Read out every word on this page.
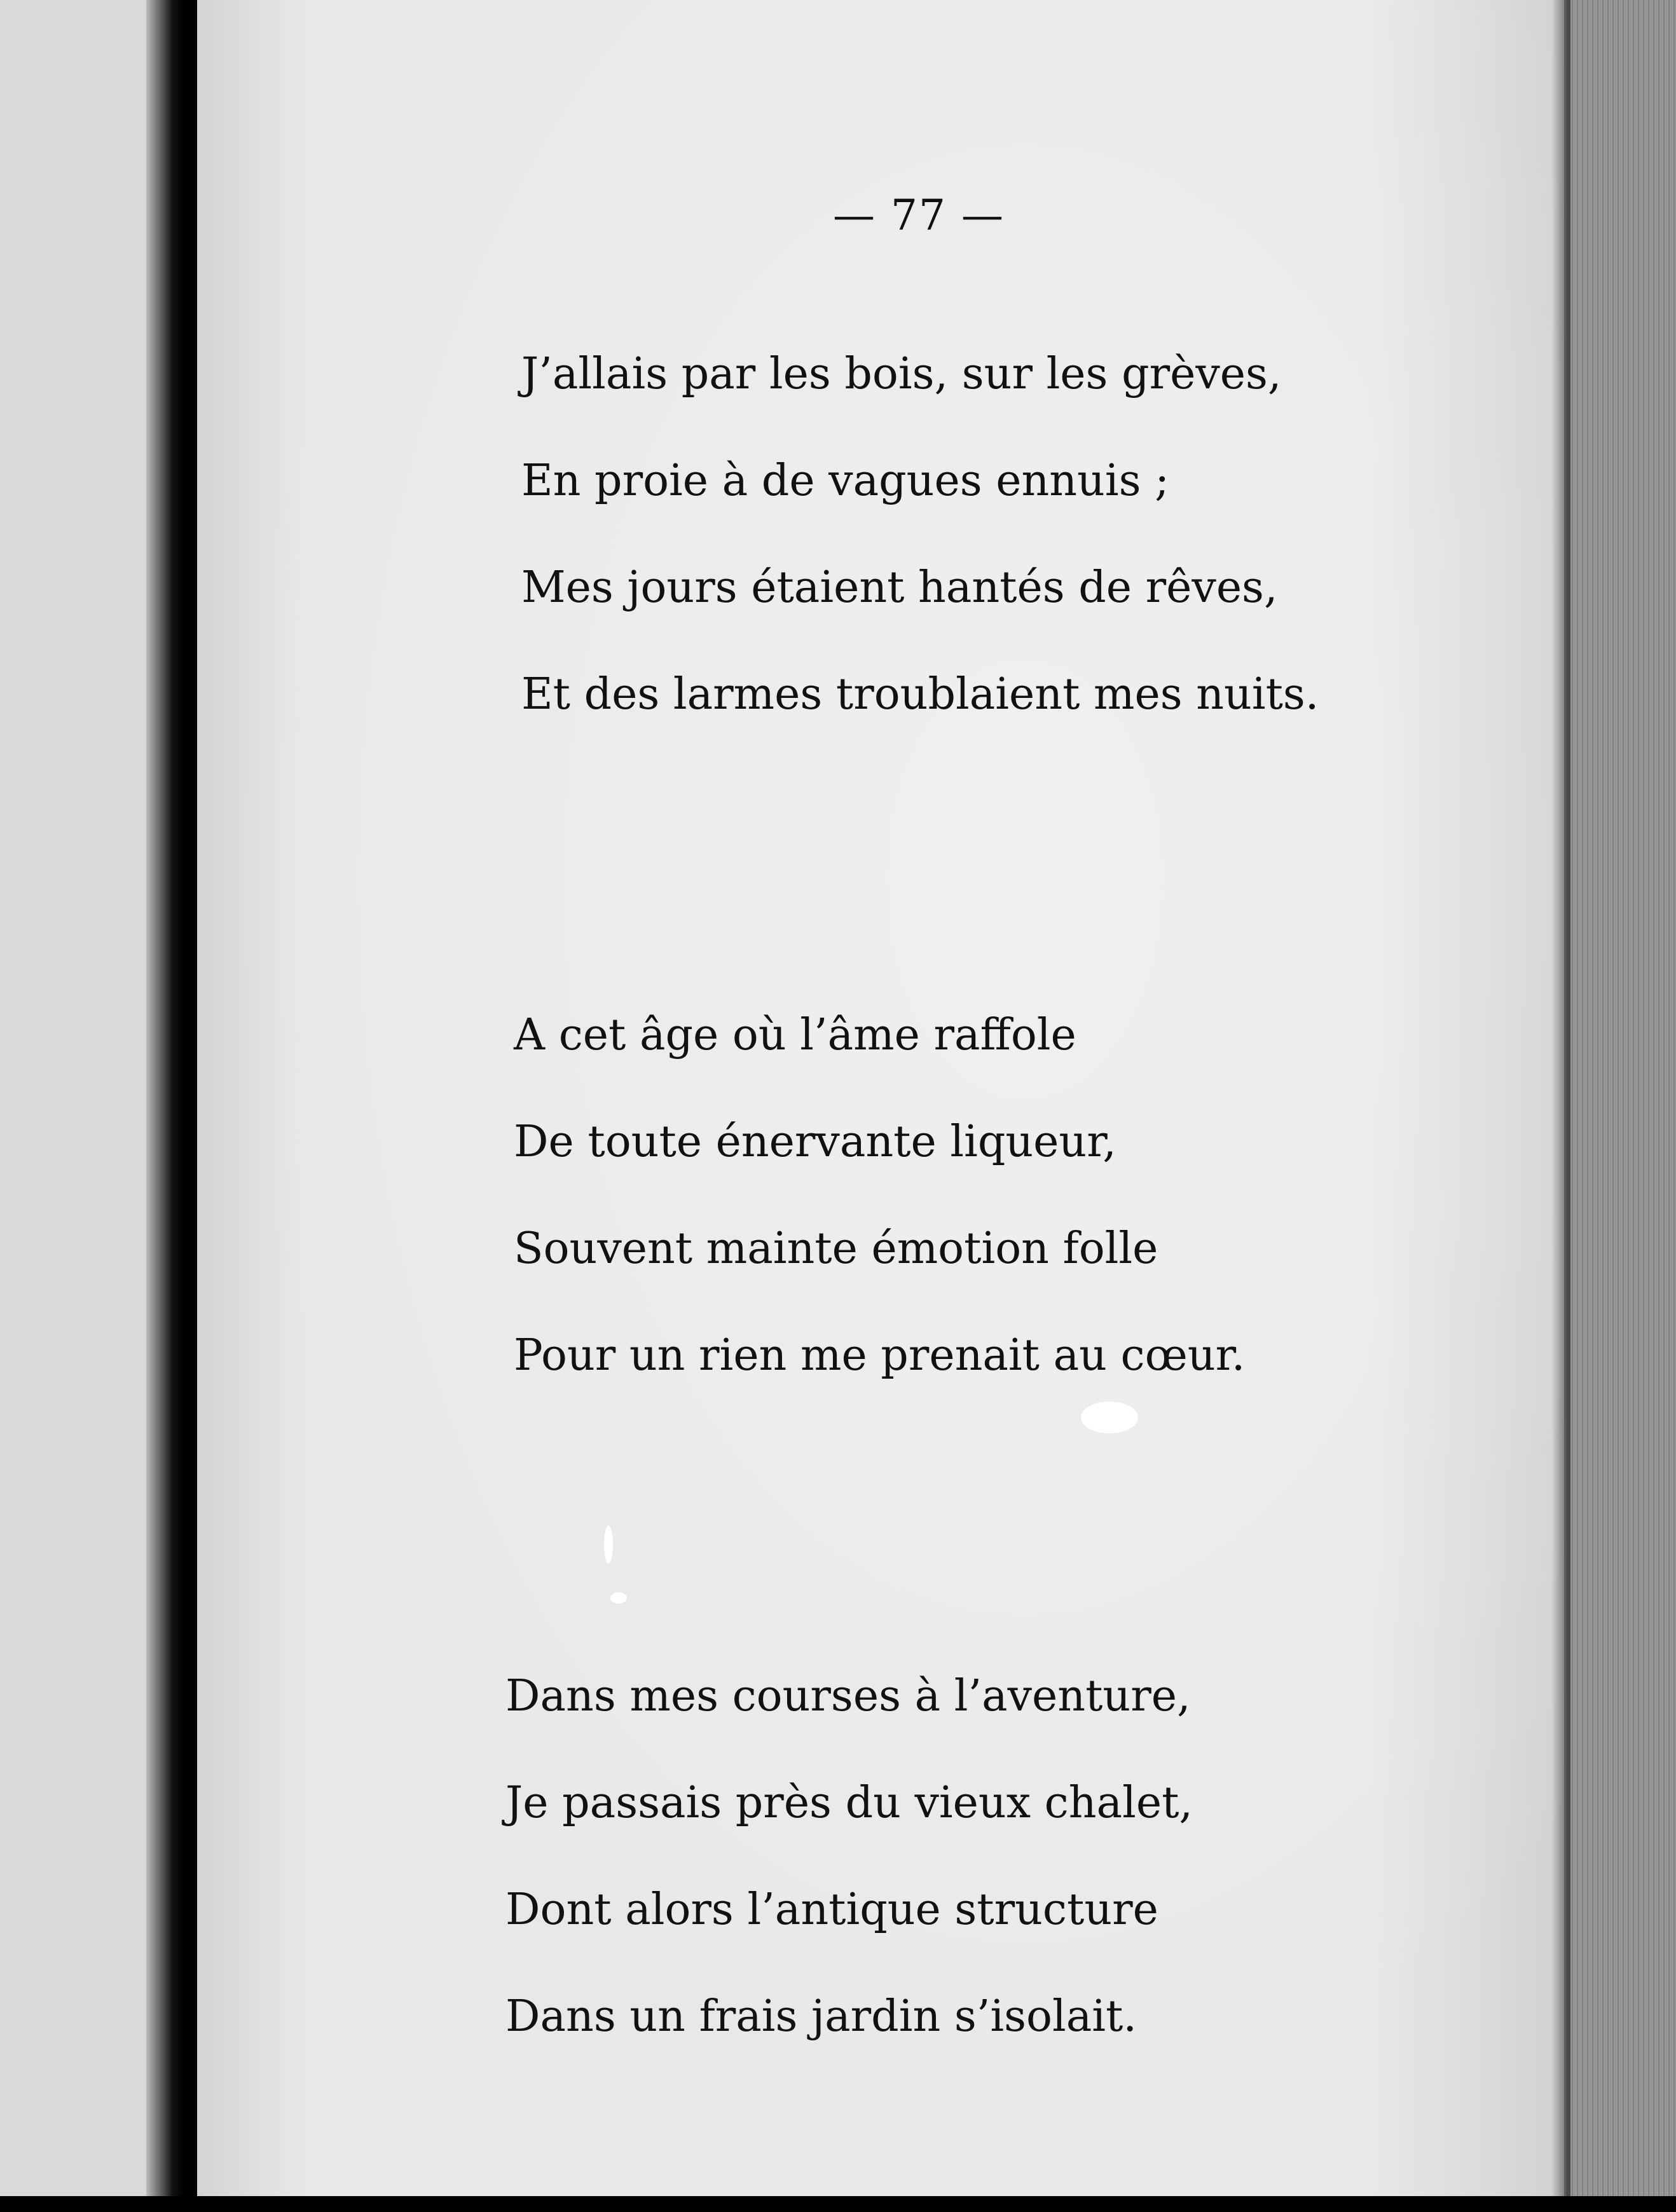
— 77 —
J’allais par les bois, sur les grèves,
En proie à de vagues ennuis ;
Mes jours étaient hantés de rêves,
Et des larmes troublaient mes nuits.
A cet âge où l’âme raffole
De toute énervante liqueur,
Souvent mainte émotion folle
Pour un rien me prenait au cœur.
Dans mes courses à l’aventure,
Je passais près du vieux chalet,
Dont alors l’antique structure
Dans un frais jardin s’isolait.
